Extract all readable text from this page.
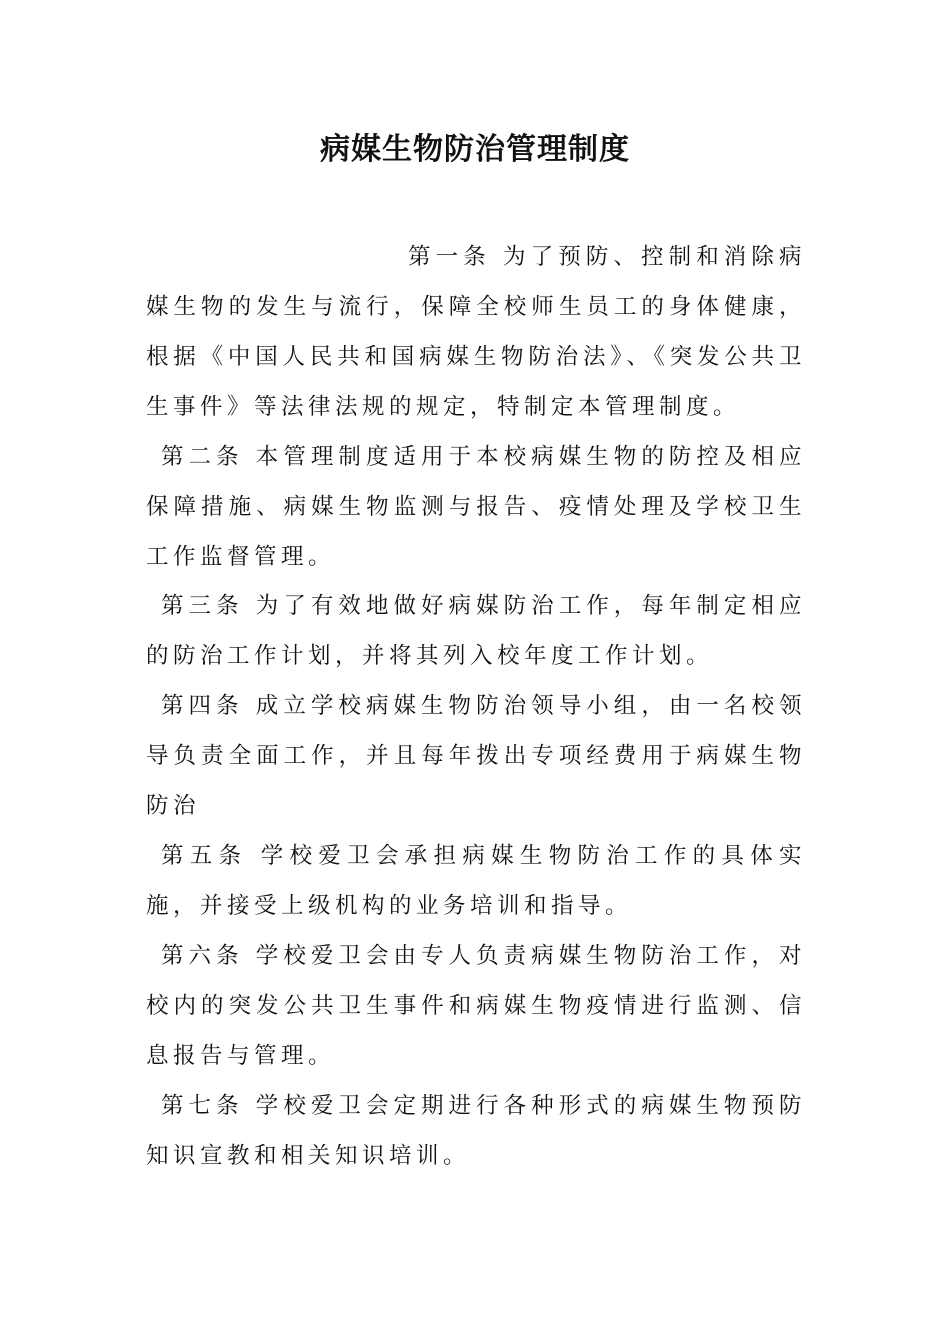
病媒生物防治管理制度

第一条 为了预防、控制和消除病媒生物的发生与流行，保障全校师生员工的身体健康，根据《中国人民共和国病媒生物防治法》、《突发公共卫生事件》等法律法规的规定，特制定本管理制度。

第二条 本管理制度适用于本校病媒生物的防控及相应保障措施、病媒生物监测与报告、疫情处理及学校卫生工作监督管理。

第三条 为了有效地做好病媒防治工作，每年制定相应的防治工作计划，并将其列入校年度工作计划。

第四条 成立学校病媒生物防治领导小组，由一名校领导负责全面工作，并且每年拨出专项经费用于病媒生物防治

第五条 学校爱卫会承担病媒生物防治工作的具体实施，并接受上级机构的业务培训和指导。

第六条 学校爱卫会由专人负责病媒生物防治工作，对校内的突发公共卫生事件和病媒生物疫情进行监测、信息报告与管理。

第七条 学校爱卫会定期进行各种形式的病媒生物预防知识宣教和相关知识培训。
